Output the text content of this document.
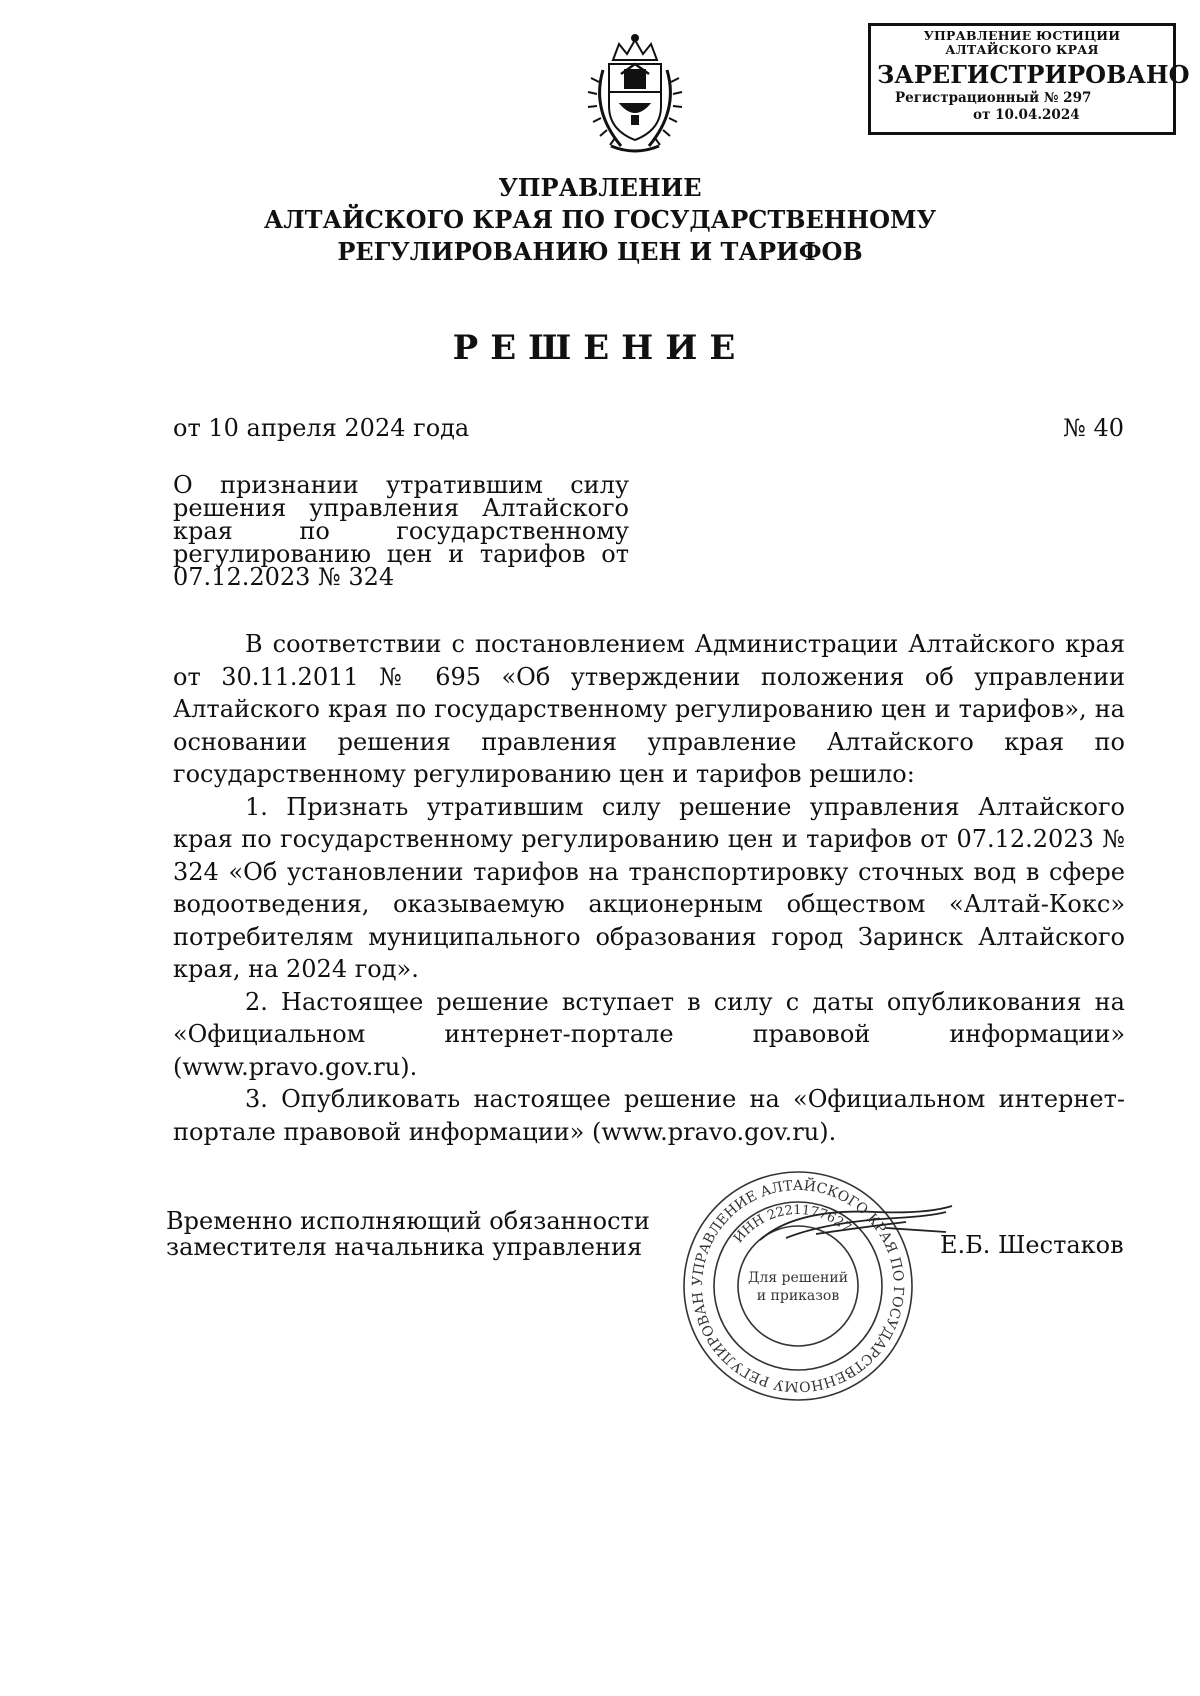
УПРАВЛЕНИЕ ЮСТИЦИИ
АЛТАЙСКОГО КРАЯ
ЗАРЕГИСТРИРОВАНО
Регистрационный № 297
от 10.04.2024
УПРАВЛЕНИЕ
АЛТАЙСКОГО КРАЯ ПО ГОСУДАРСТВЕННОМУ
РЕГУЛИРОВАНИЮ ЦЕН И ТАРИФОВ
РЕШЕНИЕ
от 10 апреля 2024 года	№ 40
О признании утратившим силу решения управления Алтайского края по государственному регулированию цен и тарифов от 07.12.2023 № 324

В соответствии с постановлением Администрации Алтайского края от 30.11.2011 № 695 «Об утверждении положения об управлении Алтайского края по государственному регулированию цен и тарифов», на основании решения правления управление Алтайского края по государственному регулированию цен и тарифов решило:

1. Признать утратившим силу решение управления Алтайского края по государственному регулированию цен и тарифов от 07.12.2023 № 324 «Об установлении тарифов на транспортировку сточных вод в сфере водоотведения, оказываемую акционерным обществом «Алтай-Кокс» потребителям муниципального образования город Заринск Алтайского края, на 2024 год».

2. Настоящее решение вступает в силу с даты опубликования на «Официальном интернет-портале правовой информации» (www.pravo.gov.ru).

3. Опубликовать настоящее решение на «Официальном интернет-портале правовой информации» (www.pravo.gov.ru).

Временно исполняющий обязанности
заместителя начальника управления	Е.Б. Шестаков
УПРАВЛЕНИЕ АЛТАЙСКОГО КРАЯ ПО ГОСУДАРСТВЕННОМУ РЕГУЛИРОВАН
ИНН 2221177627
Для решений
и приказов
